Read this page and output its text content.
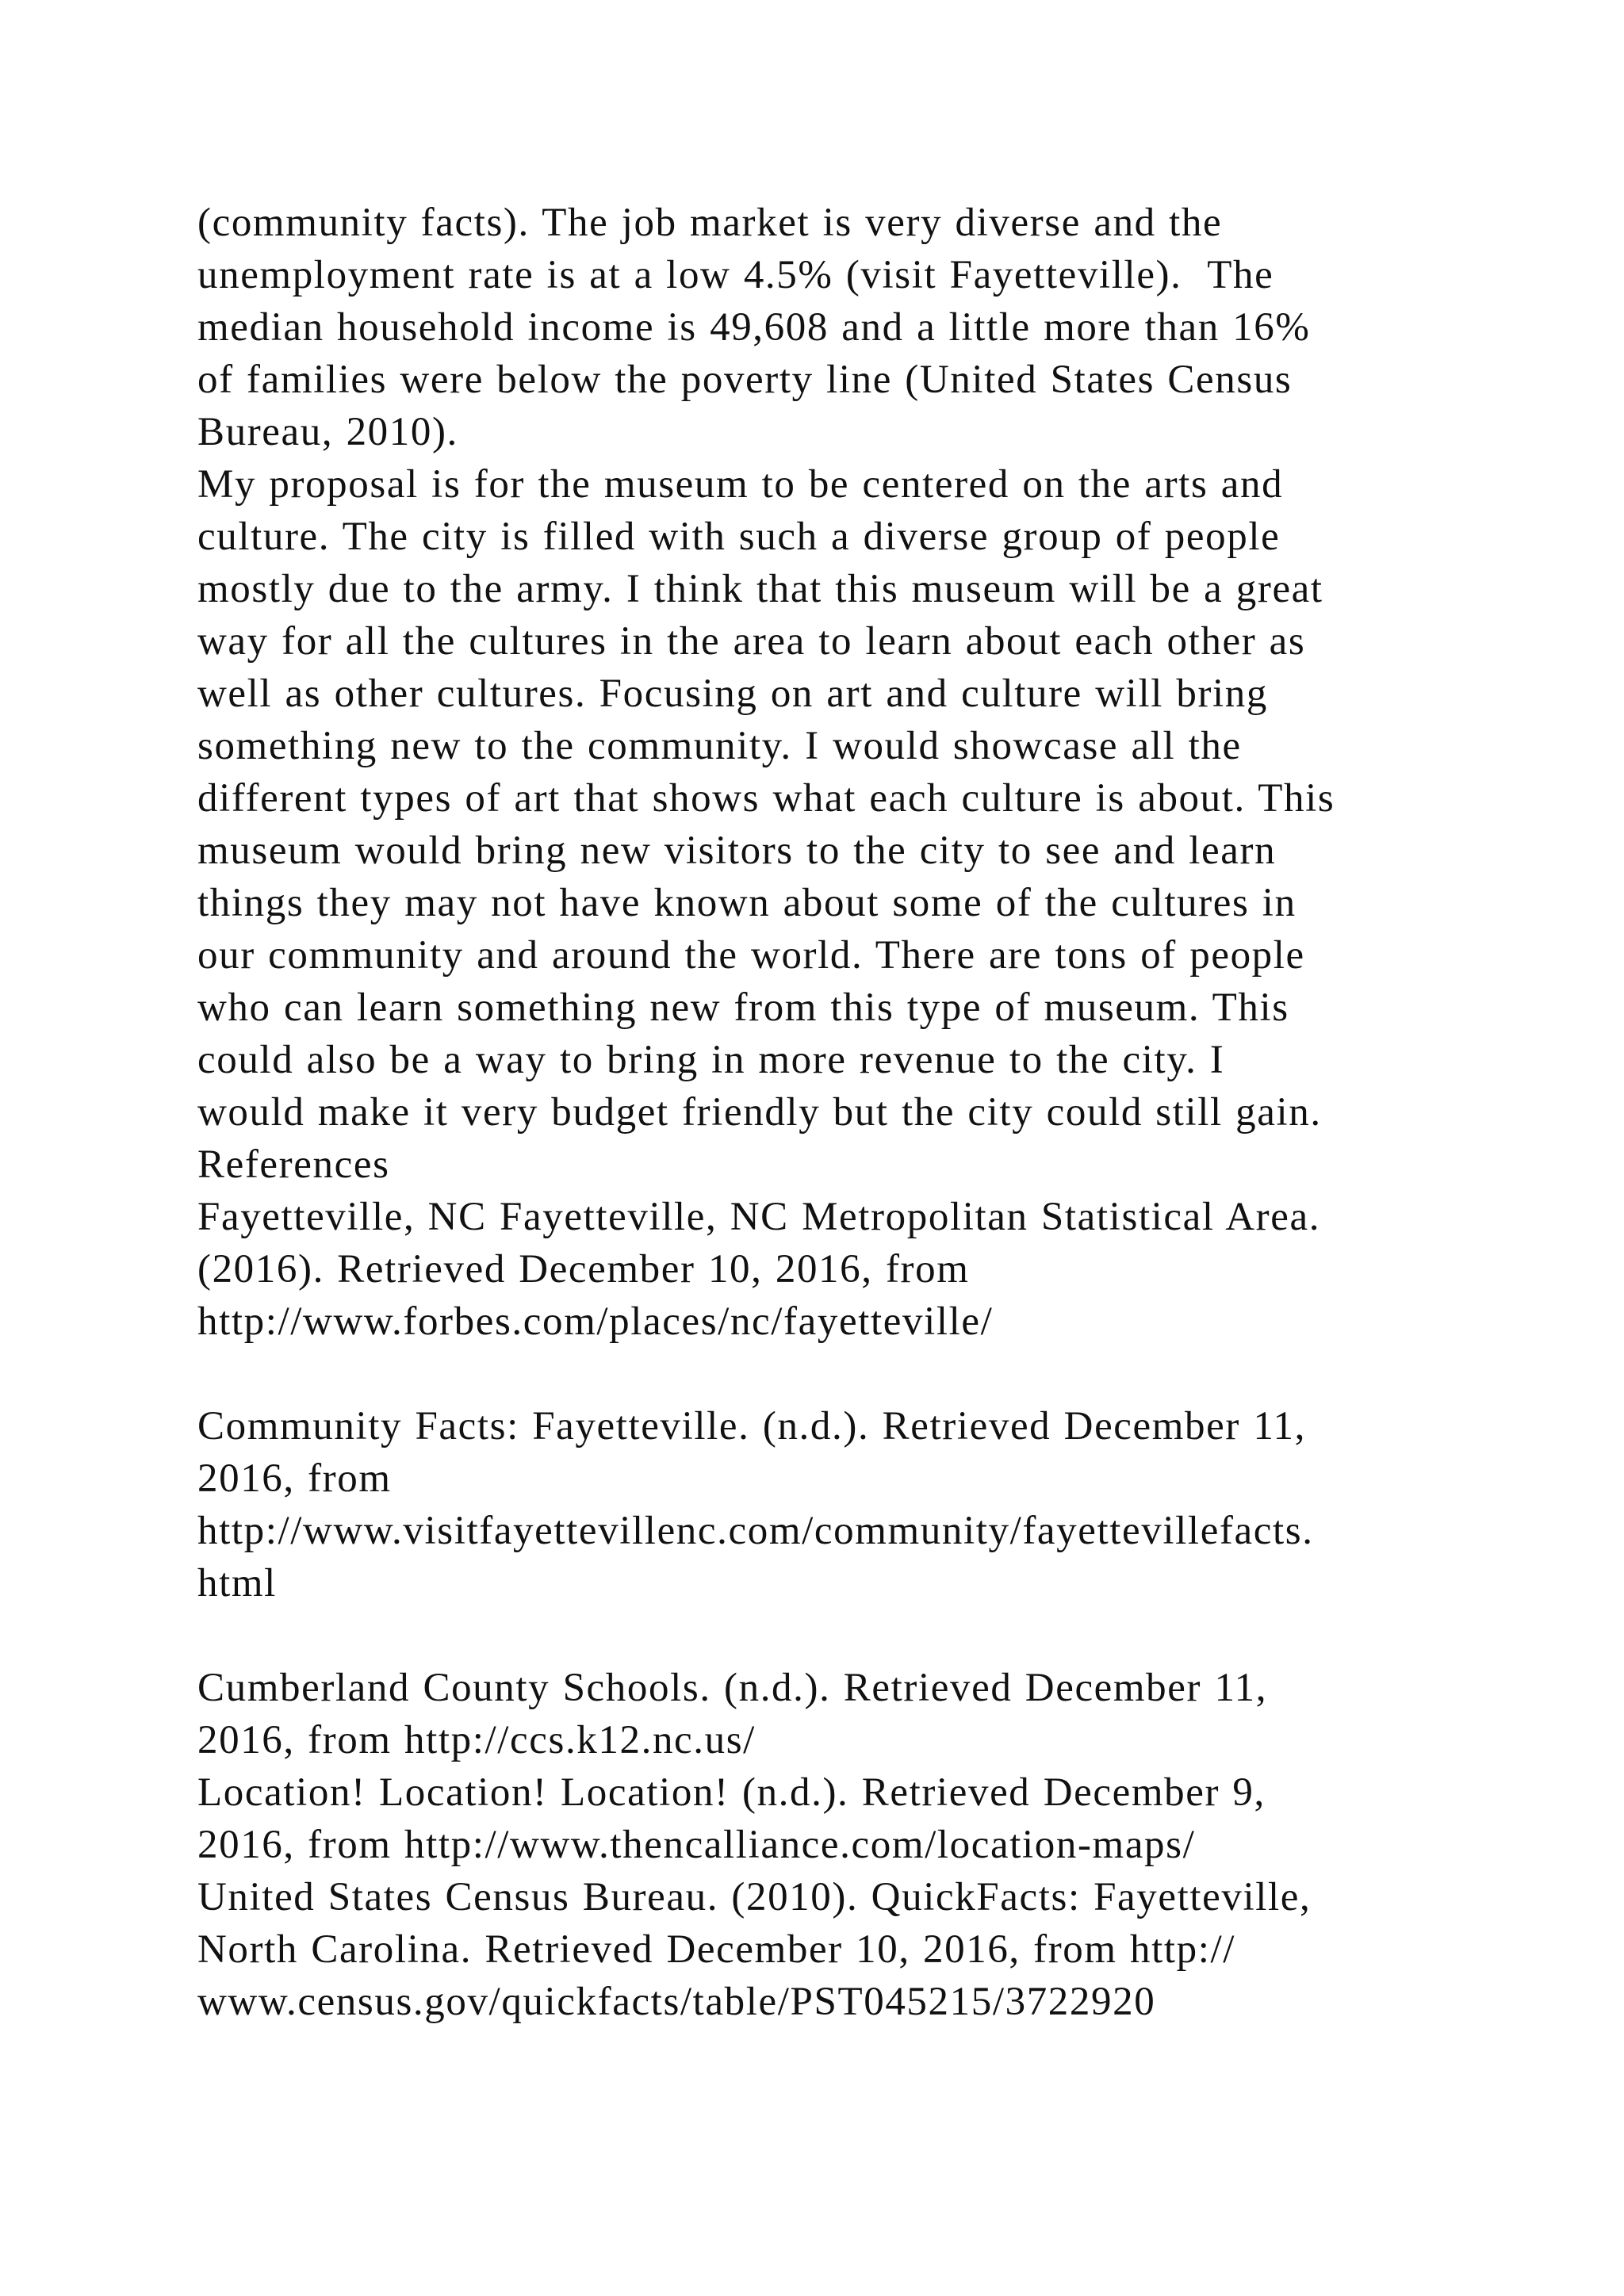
(community facts). The job market is very diverse and the
unemployment rate is at a low 4.5% (visit Fayetteville).  The
median household income is 49,608 and a little more than 16%
of families were below the poverty line (United States Census
Bureau, 2010).
My proposal is for the museum to be centered on the arts and
culture. The city is filled with such a diverse group of people
mostly due to the army. I think that this museum will be a great
way for all the cultures in the area to learn about each other as
well as other cultures. Focusing on art and culture will bring
something new to the community. I would showcase all the
different types of art that shows what each culture is about. This
museum would bring new visitors to the city to see and learn
things they may not have known about some of the cultures in
our community and around the world. There are tons of people
who can learn something new from this type of museum. This
could also be a way to bring in more revenue to the city. I
would make it very budget friendly but the city could still gain.
References
Fayetteville, NC Fayetteville, NC Metropolitan Statistical Area.
(2016). Retrieved December 10, 2016, from
http://www.forbes.com/places/nc/fayetteville/
Community Facts: Fayetteville. (n.d.). Retrieved December 11,
2016, from
http://www.visitfayettevillenc.com/community/fayettevillefacts.
html
Cumberland County Schools. (n.d.). Retrieved December 11,
2016, from http://ccs.k12.nc.us/
Location! Location! Location! (n.d.). Retrieved December 9,
2016, from http://www.thencalliance.com/location-maps/
United States Census Bureau. (2010). QuickFacts: Fayetteville,
North Carolina. Retrieved December 10, 2016, from http://
www.census.gov/quickfacts/table/PST045215/3722920
